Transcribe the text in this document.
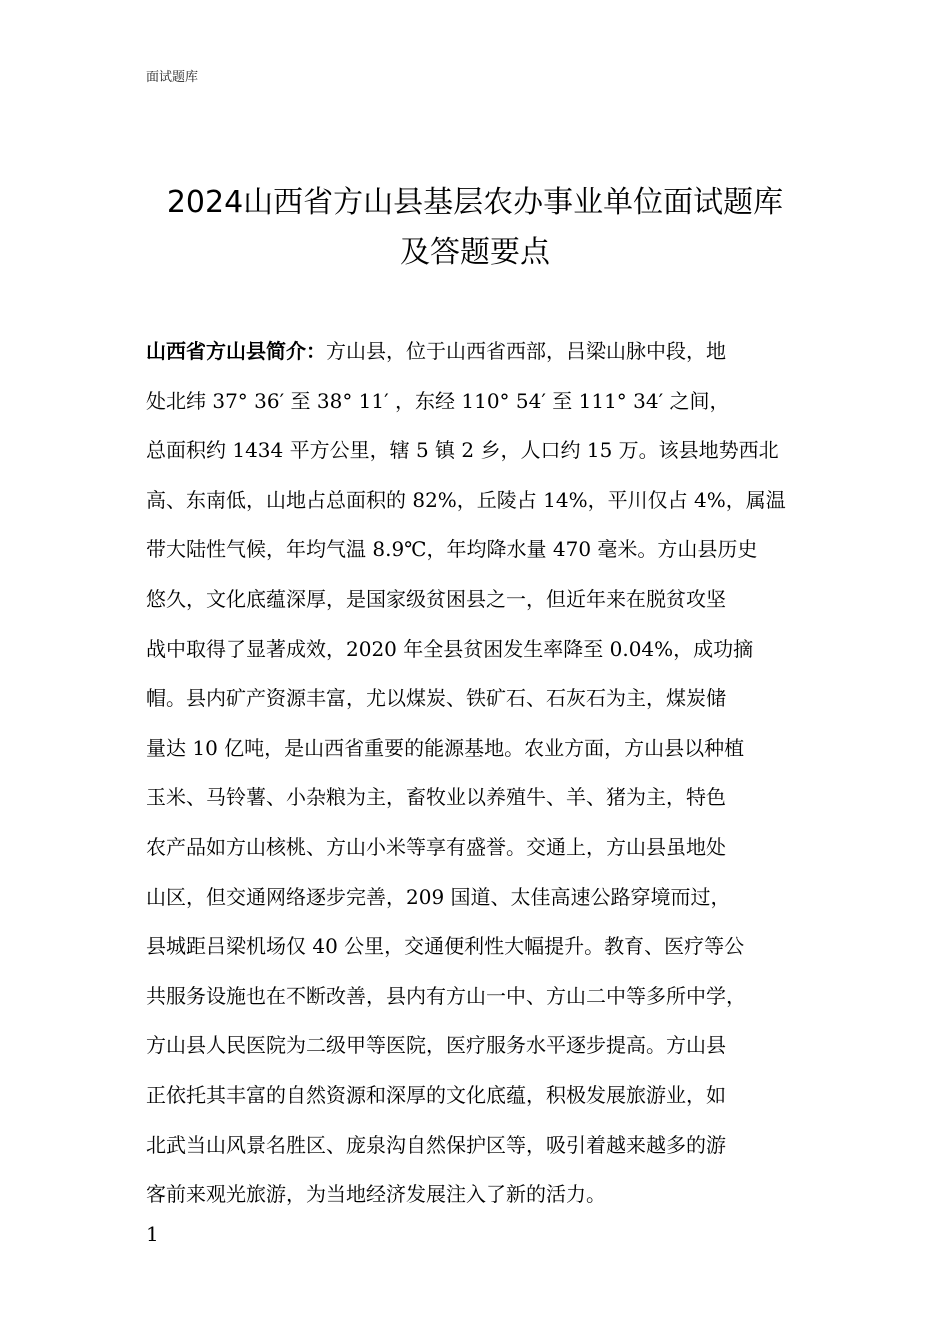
面试题库
2024山西省方山县基层农办事业单位面试题库
及答题要点
山西省方山县简介：方山县，位于山西省西部，吕梁山脉中段，地
处北纬 37° 36′ 至 38° 11′ ，东经 110° 54′ 至 111° 34′ 之间，
总面积约 1434 平方公里，辖 5 镇 2 乡，人口约 15 万。该县地势西北
高、东南低，山地占总面积的 82%，丘陵占 14%，平川仅占 4%，属温
带大陆性气候，年均气温 8.9℃，年均降水量 470 毫米。方山县历史
悠久，文化底蕴深厚，是国家级贫困县之一，但近年来在脱贫攻坚
战中取得了显著成效，2020 年全县贫困发生率降至 0.04%，成功摘
帽。县内矿产资源丰富，尤以煤炭、铁矿石、石灰石为主，煤炭储
量达 10 亿吨，是山西省重要的能源基地。农业方面，方山县以种植
玉米、马铃薯、小杂粮为主，畜牧业以养殖牛、羊、猪为主，特色
农产品如方山核桃、方山小米等享有盛誉。交通上，方山县虽地处
山区，但交通网络逐步完善，209 国道、太佳高速公路穿境而过，
县城距吕梁机场仅 40 公里，交通便利性大幅提升。教育、医疗等公
共服务设施也在不断改善，县内有方山一中、方山二中等多所中学，
方山县人民医院为二级甲等医院，医疗服务水平逐步提高。方山县
正依托其丰富的自然资源和深厚的文化底蕴，积极发展旅游业，如
北武当山风景名胜区、庞泉沟自然保护区等，吸引着越来越多的游
客前来观光旅游，为当地经济发展注入了新的活力。
1
